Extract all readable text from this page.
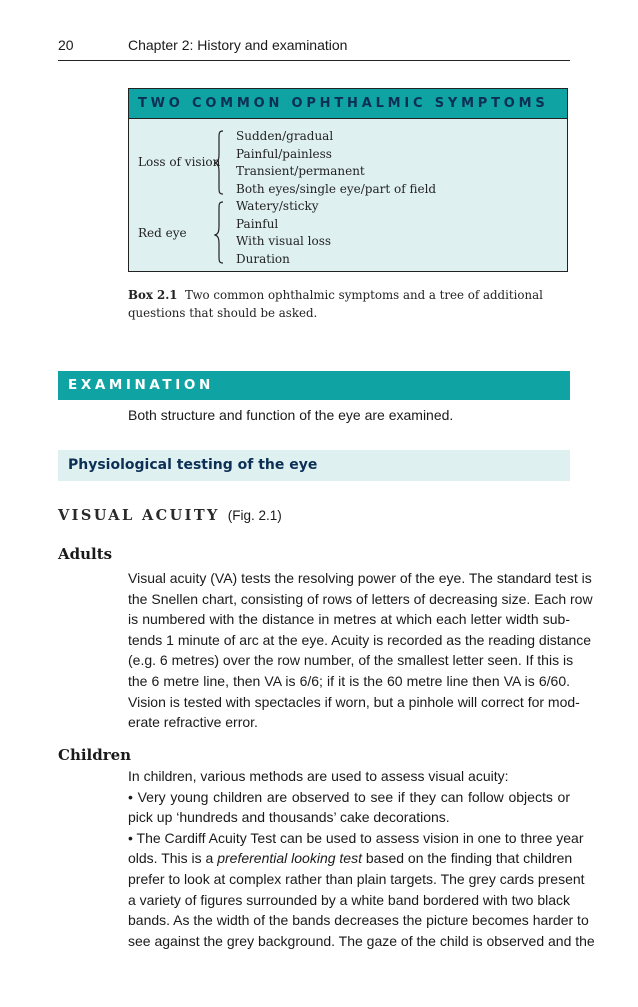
20	Chapter 2: History and examination
TWO COMMON OPHTHALMIC SYMPTOMS
Loss of vision
Red eye
Sudden/gradual
Painful/painless
Transient/permanent
Both eyes/single eye/part of field
Watery/sticky
Painful
With visual loss
Duration
Box 2.1 Two common ophthalmic symptoms and a tree of additional
questions that should be asked.
EXAMINATION
Both structure and function of the eye are examined.
Physiological testing of the eye
VISUAL ACUITY (Fig. 2.1)
Adults
Visual acuity (VA) tests the resolving power of the eye. The standard test is
the Snellen chart, consisting of rows of letters of decreasing size. Each row
is numbered with the distance in metres at which each letter width sub-
tends 1 minute of arc at the eye. Acuity is recorded as the reading distance
(e.g. 6 metres) over the row number, of the smallest letter seen. If this is
the 6 metre line, then VA is 6/6; if it is the 60 metre line then VA is 6/60.
Vision is tested with spectacles if worn, but a pinhole will correct for mod-
erate refractive error.
Children
In children, various methods are used to assess visual acuity:
• Very young children are observed to see if they can follow objects or
pick up ‘hundreds and thousands’ cake decorations.
• The Cardiff Acuity Test can be used to assess vision in one to three year
olds. This is a preferential looking test based on the finding that children
prefer to look at complex rather than plain targets. The grey cards present
a variety of figures surrounded by a white band bordered with two black
bands. As the width of the bands decreases the picture becomes harder to
see against the grey background. The gaze of the child is observed and the
